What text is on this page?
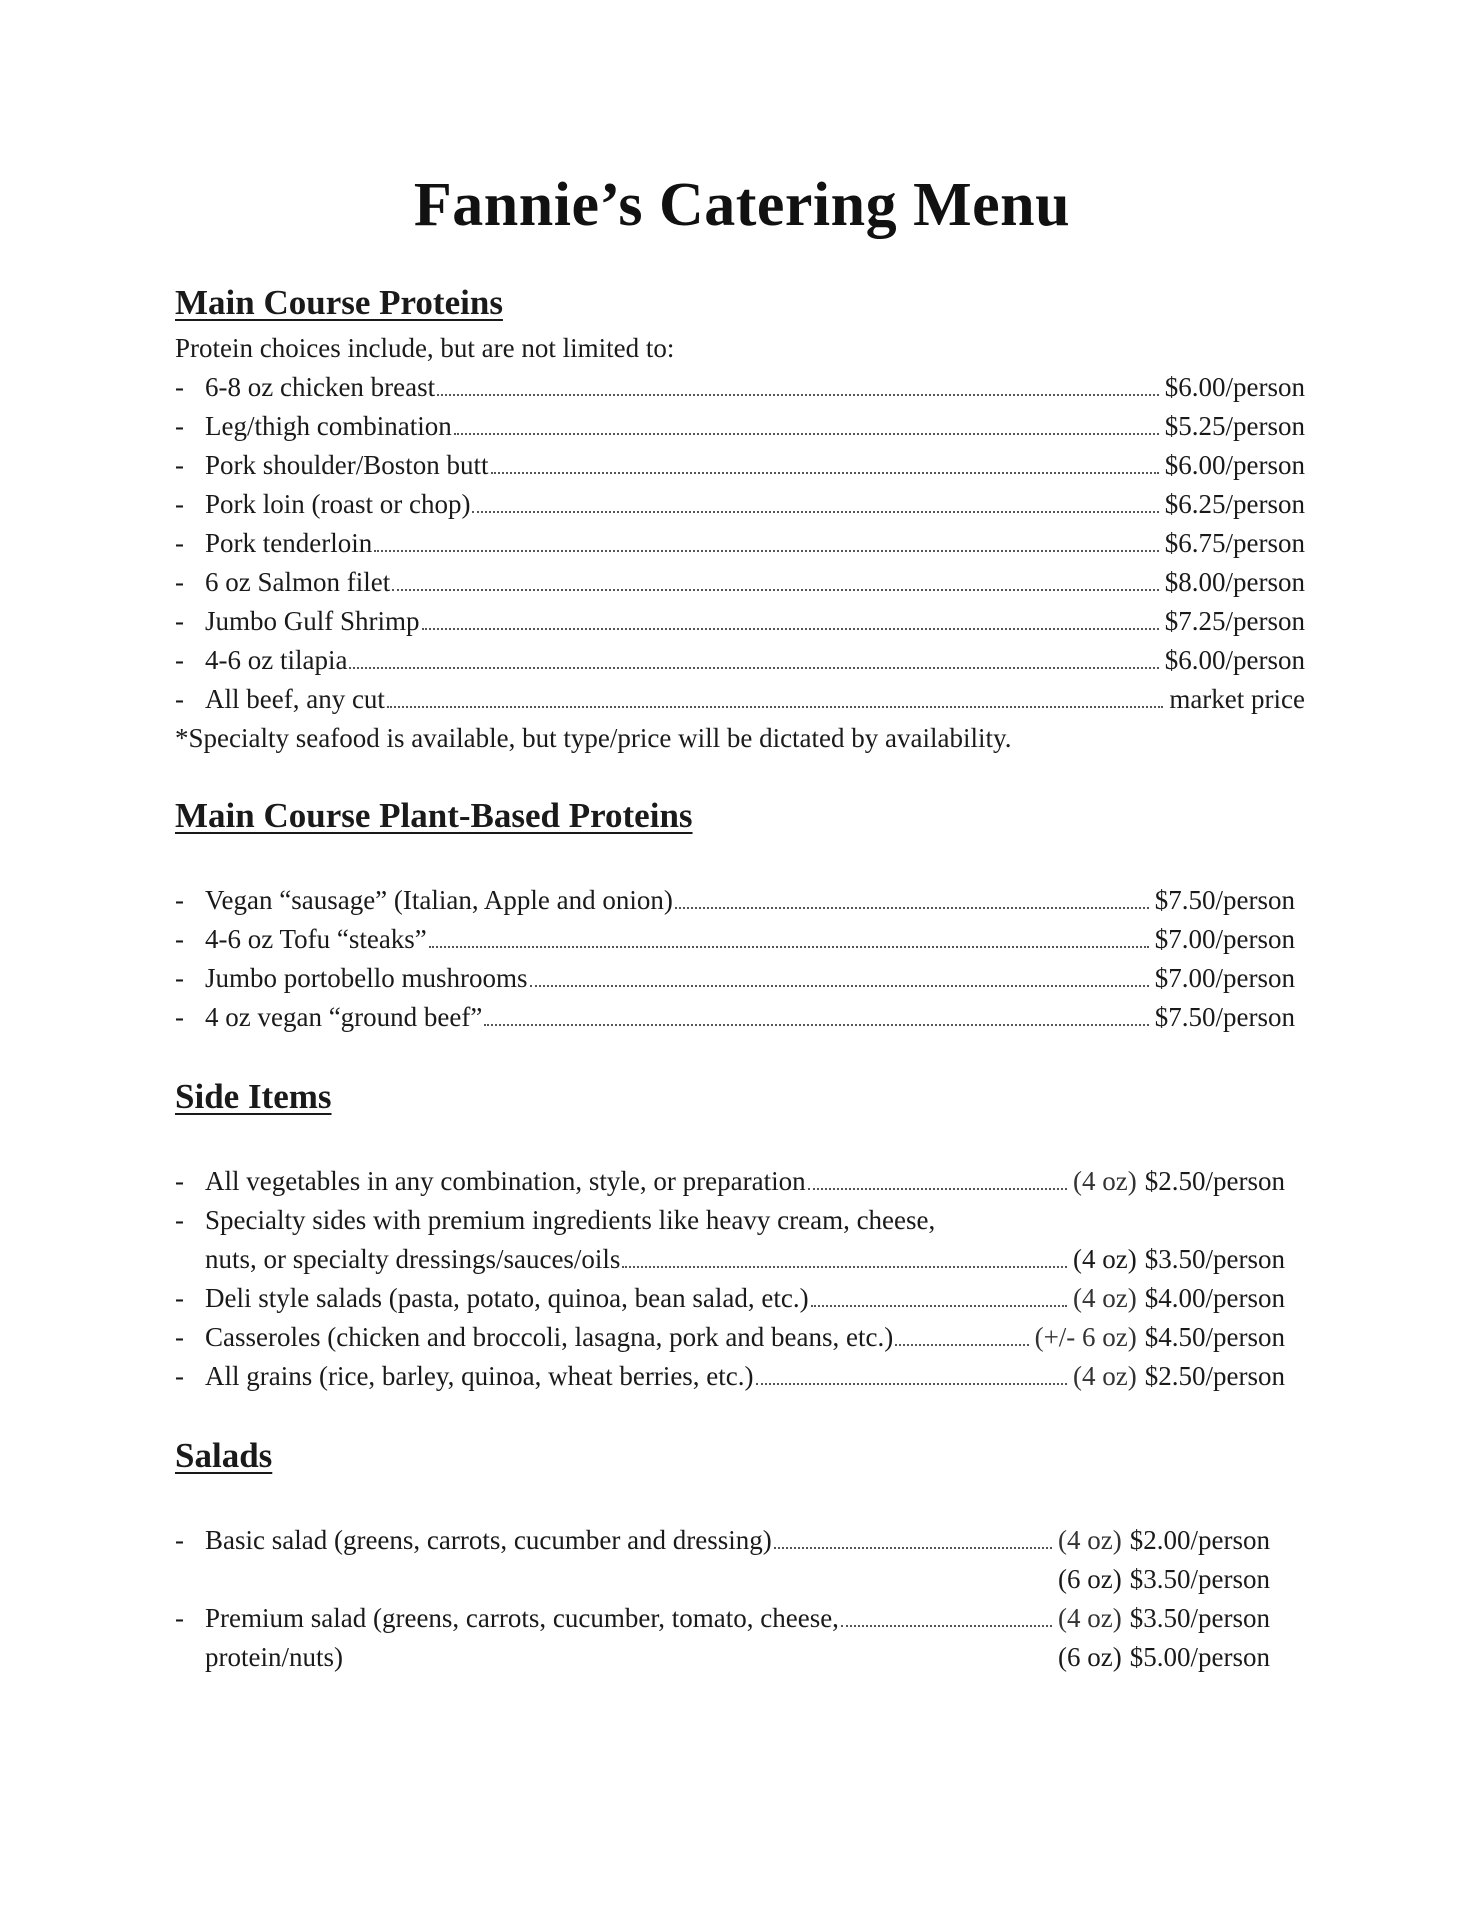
Fannie’s Catering Menu
Main Course Proteins
Protein choices include, but are not limited to:
- 6-8 oz chicken breast	$6.00/person
- Leg/thigh combination	$5.25/person
- Pork shoulder/Boston butt	$6.00/person
- Pork loin (roast or chop)	$6.25/person
- Pork tenderloin	$6.75/person
- 6 oz Salmon filet	$8.00/person
- Jumbo Gulf Shrimp	$7.25/person
- 4-6 oz tilapia	$6.00/person
- All beef, any cut	market price
*Specialty seafood is available, but type/price will be dictated by availability.
Main Course Plant-Based Proteins
- Vegan “sausage” (Italian, Apple and onion)	$7.50/person
- 4-6 oz Tofu “steaks”	$7.00/person
- Jumbo portobello mushrooms	$7.00/person
- 4 oz vegan “ground beef”	$7.50/person
Side Items
- All vegetables in any combination, style, or preparation	(4 oz) $2.50/person
- Specialty sides with premium ingredients like heavy cream, cheese,
nuts, or specialty dressings/sauces/oils	(4 oz) $3.50/person
- Deli style salads (pasta, potato, quinoa, bean salad, etc.)	(4 oz) $4.00/person
- Casseroles (chicken and broccoli, lasagna, pork and beans, etc.)	(+/- 6 oz) $4.50/person
- All grains (rice, barley, quinoa, wheat berries, etc.)	(4 oz) $2.50/person
Salads
- Basic salad (greens, carrots, cucumber and dressing)	(4 oz) $2.00/person
(6 oz) $3.50/person
- Premium salad (greens, carrots, cucumber, tomato, cheese,	(4 oz) $3.50/person
protein/nuts)	(6 oz) $5.00/person
